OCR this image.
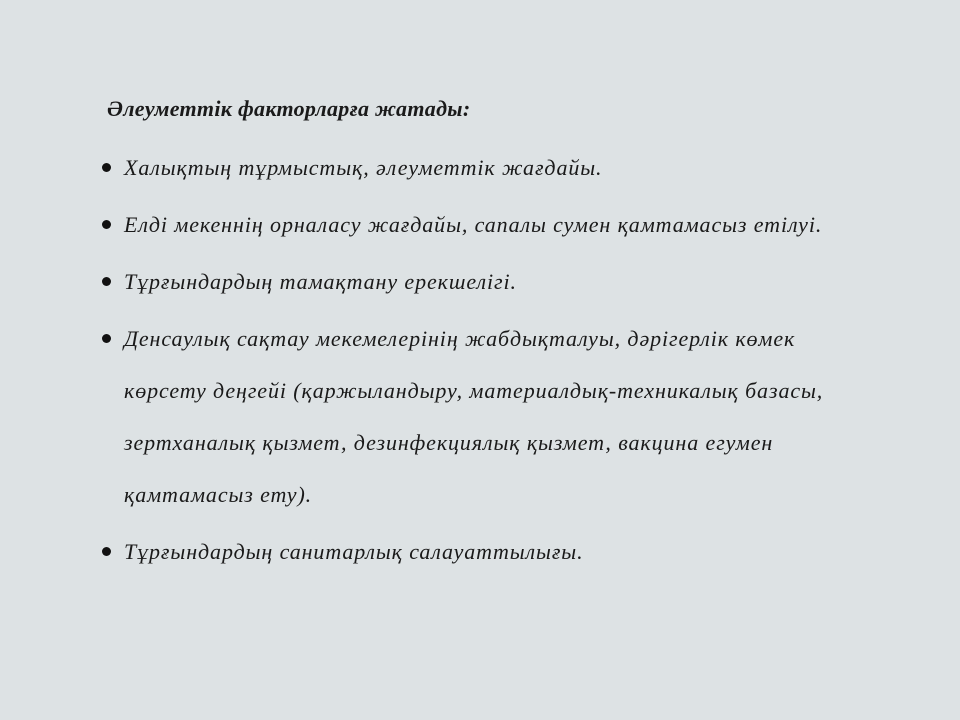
Әлеуметтік факторларға жатады:
Халықтың тұрмыстық, әлеуметтік жағдайы.
Елді мекеннің орналасу жағдайы, сапалы сумен қамтамасыз етілуі.
Тұрғындардың тамақтану ерекшелігі.
Денсаулық сақтау мекемелерінің жабдықталуы, дәрігерлік көмек көрсету деңгейі (қаржыландыру, материалдық-техникалық базасы, зертханалық қызмет, дезинфекциялық қызмет, вакцина егумен қамтамасыз ету).
Тұрғындардың санитарлық салауаттылығы.
